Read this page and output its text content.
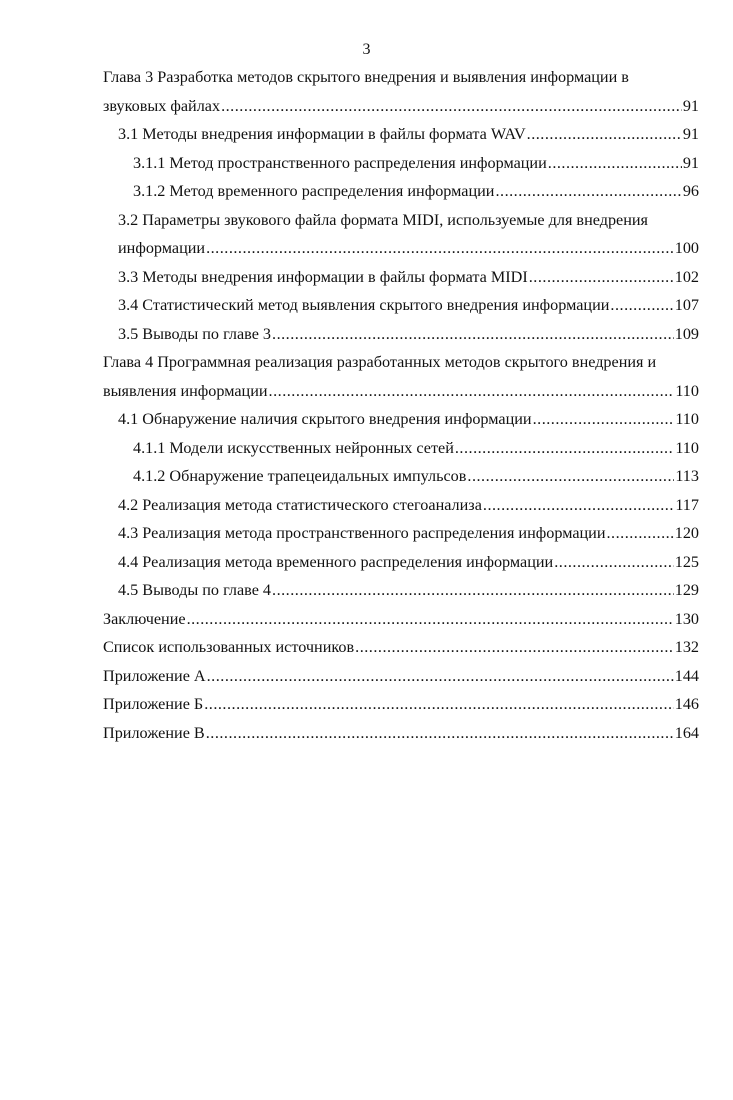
3
Глава 3 Разработка методов скрытого внедрения и выявления информации в
звуковых файлах .....	91
3.1 Методы внедрения информации в файлы формата WAV .....	91
3.1.1 Метод пространственного распределения информации .....	91
3.1.2 Метод временного распределения информации .....	96
3.2 Параметры звукового файла формата MIDI, используемые для внедрения
информации .....	100
3.3 Методы внедрения информации в файлы формата MIDI .....	102
3.4 Статистический метод выявления скрытого внедрения информации .....	107
3.5 Выводы по главе 3 .....	109
Глава 4 Программная реализация разработанных методов скрытого внедрения и
выявления информации .....	110
4.1 Обнаружение наличия скрытого внедрения информации .....	110
4.1.1 Модели искусственных нейронных сетей .....	110
4.1.2 Обнаружение трапецеидальных импульсов .....	113
4.2 Реализация метода статистического стегоанализа .....	117
4.3 Реализация метода пространственного распределения информации .....	120
4.4 Реализация метода временного распределения информации .....	125
4.5 Выводы по главе 4 .....	129
Заключение .....	130
Список использованных источников .....	132
Приложение А .....	144
Приложение Б .....	146
Приложение В .....	164
